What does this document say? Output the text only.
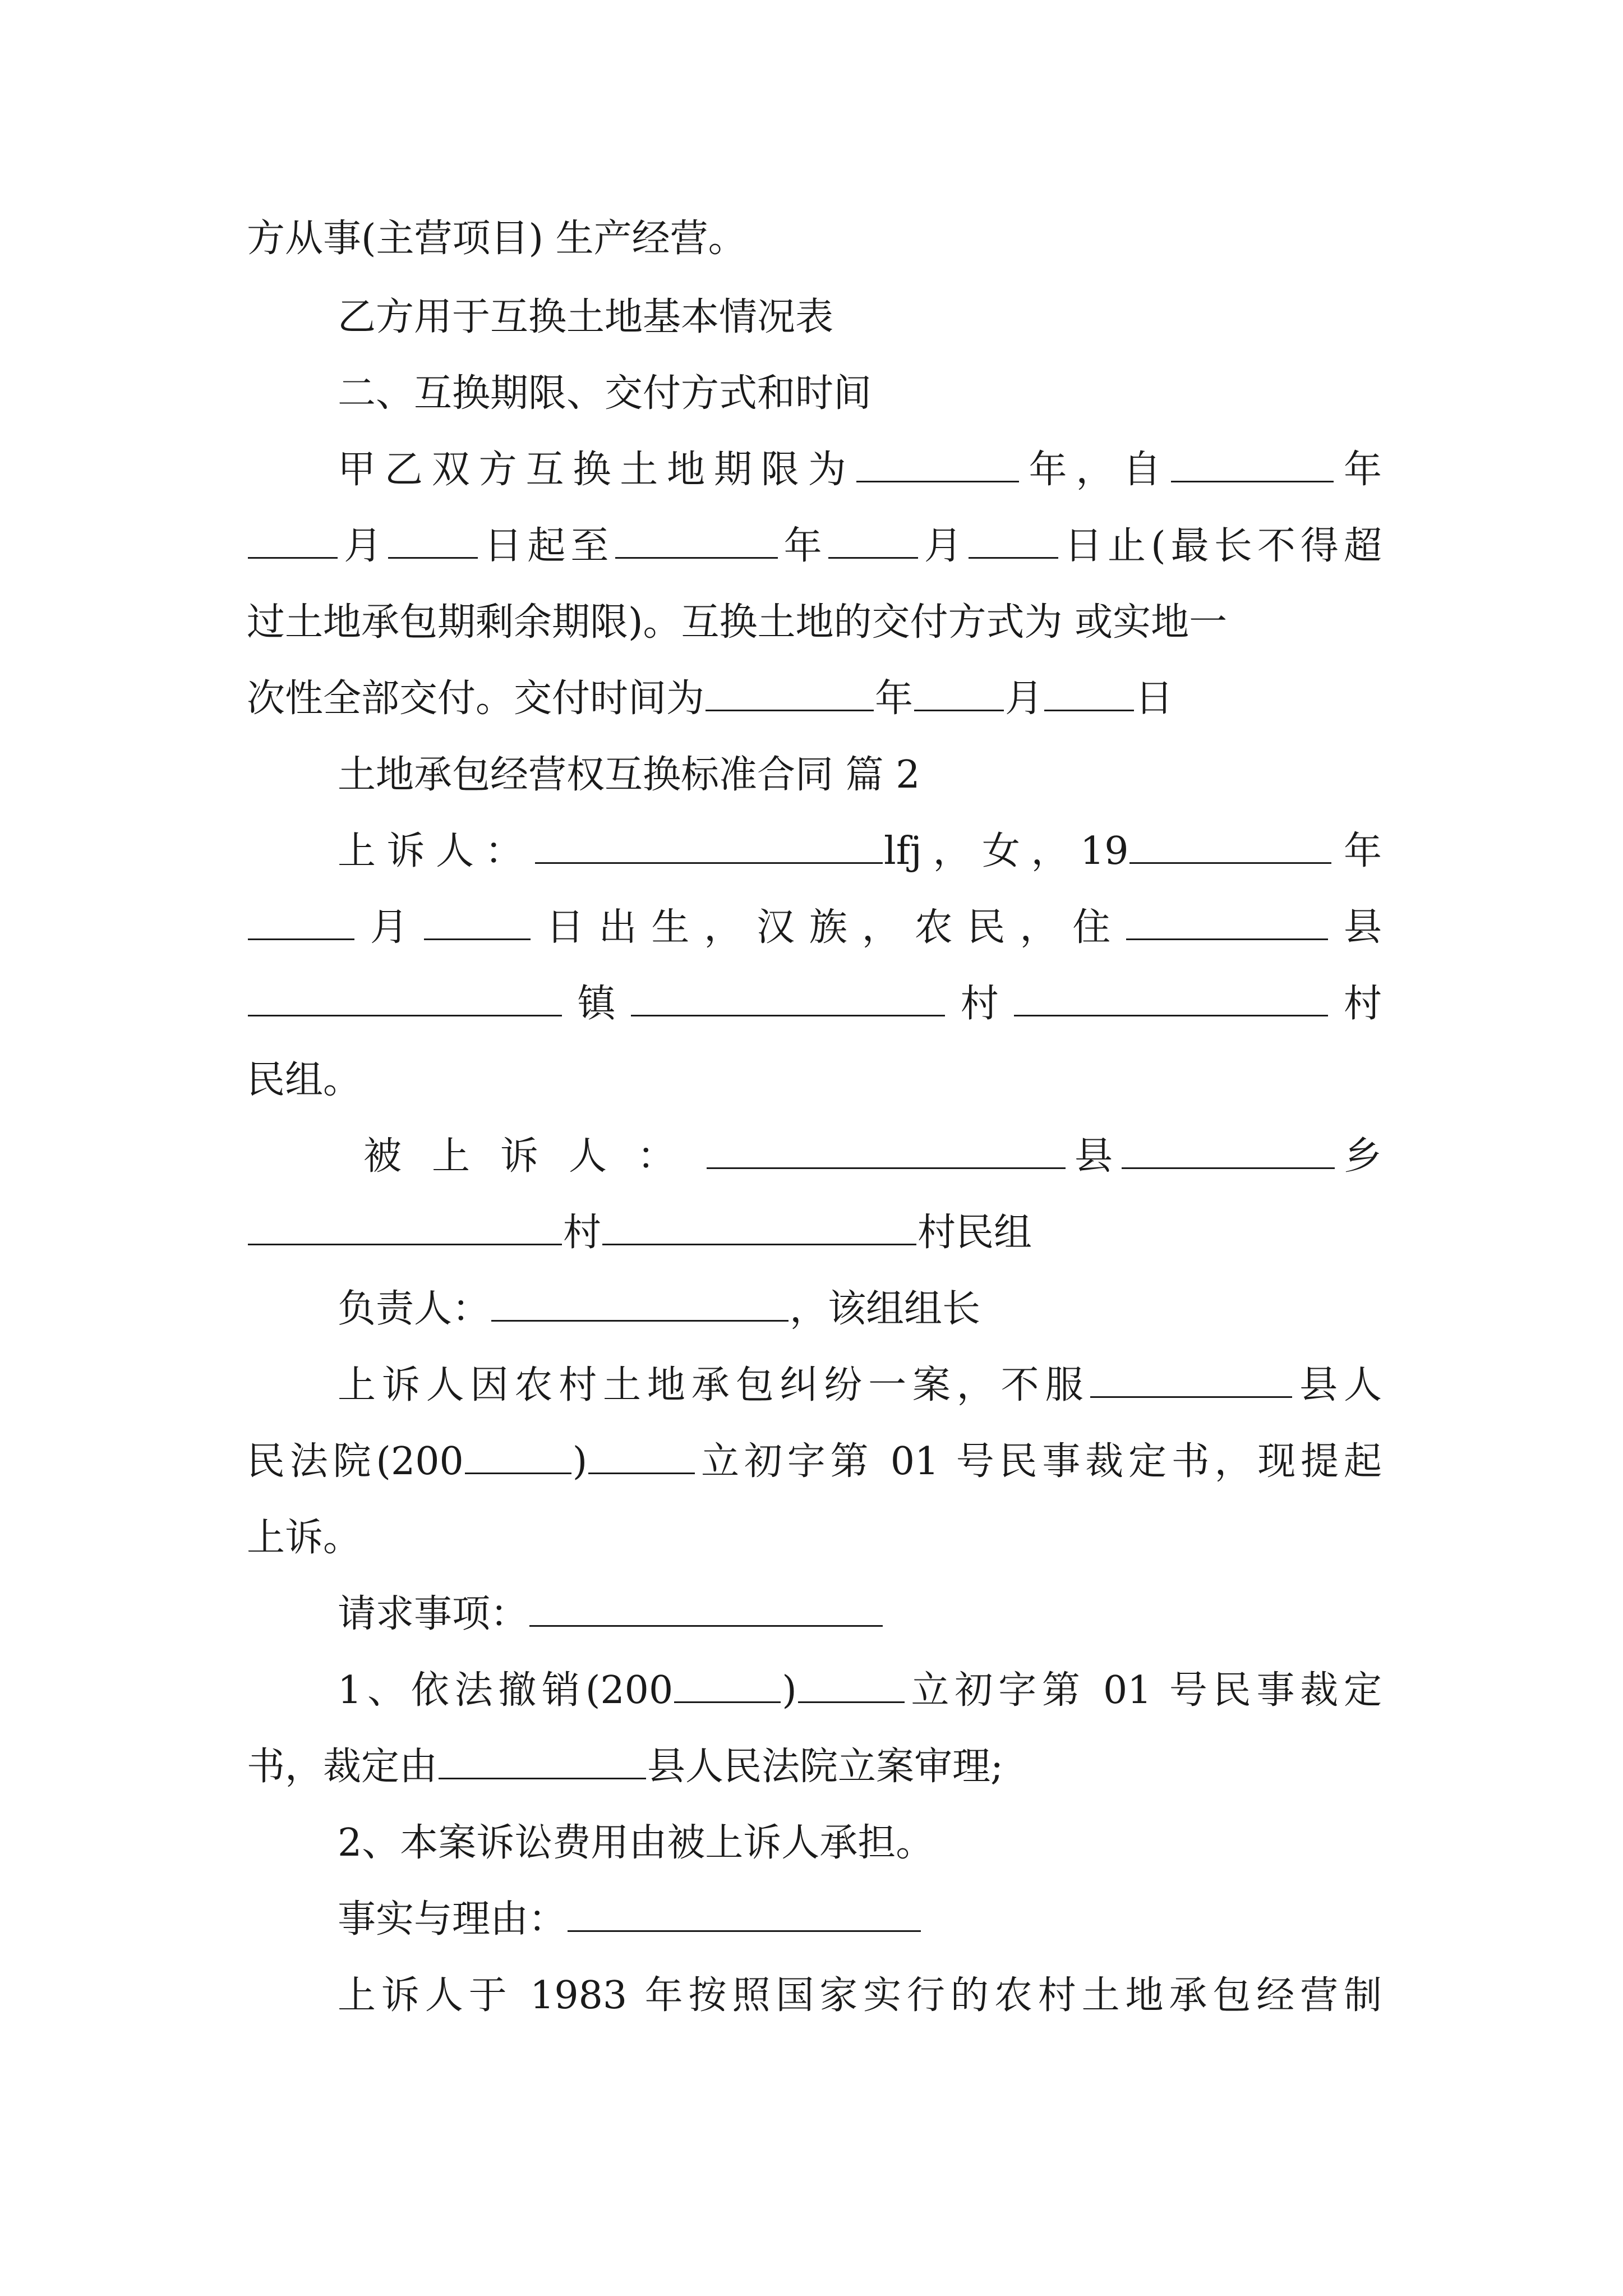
方从事(主营项目) 生产经营。
乙方用于互换土地基本情况表
二、互换期限、交付方式和时间
甲乙双方互换土地期限为	年，自	年
月 日起至	年 月 日止(最长不得超
过土地承包期剩余期限)。互换土地的交付方式为 或实地一
次性全部交付。交付时间为	年 月 日
土地承包经营权互换标准合同 篇 2
上诉人：	lfj，女，19	年
月	日出生，汉族，农民，住	县
镇	村	村
民组。
被上诉人：	县	乡
村	村民组
负责人：	，该组组长
上诉人因农村土地承包纠纷一案，不服	县人
民法院(200	)	立初字第 01 号民事裁定书，现提起
上诉。
请求事项：
1、依法撤销(200	)	立初字第 01 号民事裁定
书，裁定由	县人民法院立案审理;
2、本案诉讼费用由被上诉人承担。
事实与理由：
上诉人于 1983 年按照国家实行的农村土地承包经营制
